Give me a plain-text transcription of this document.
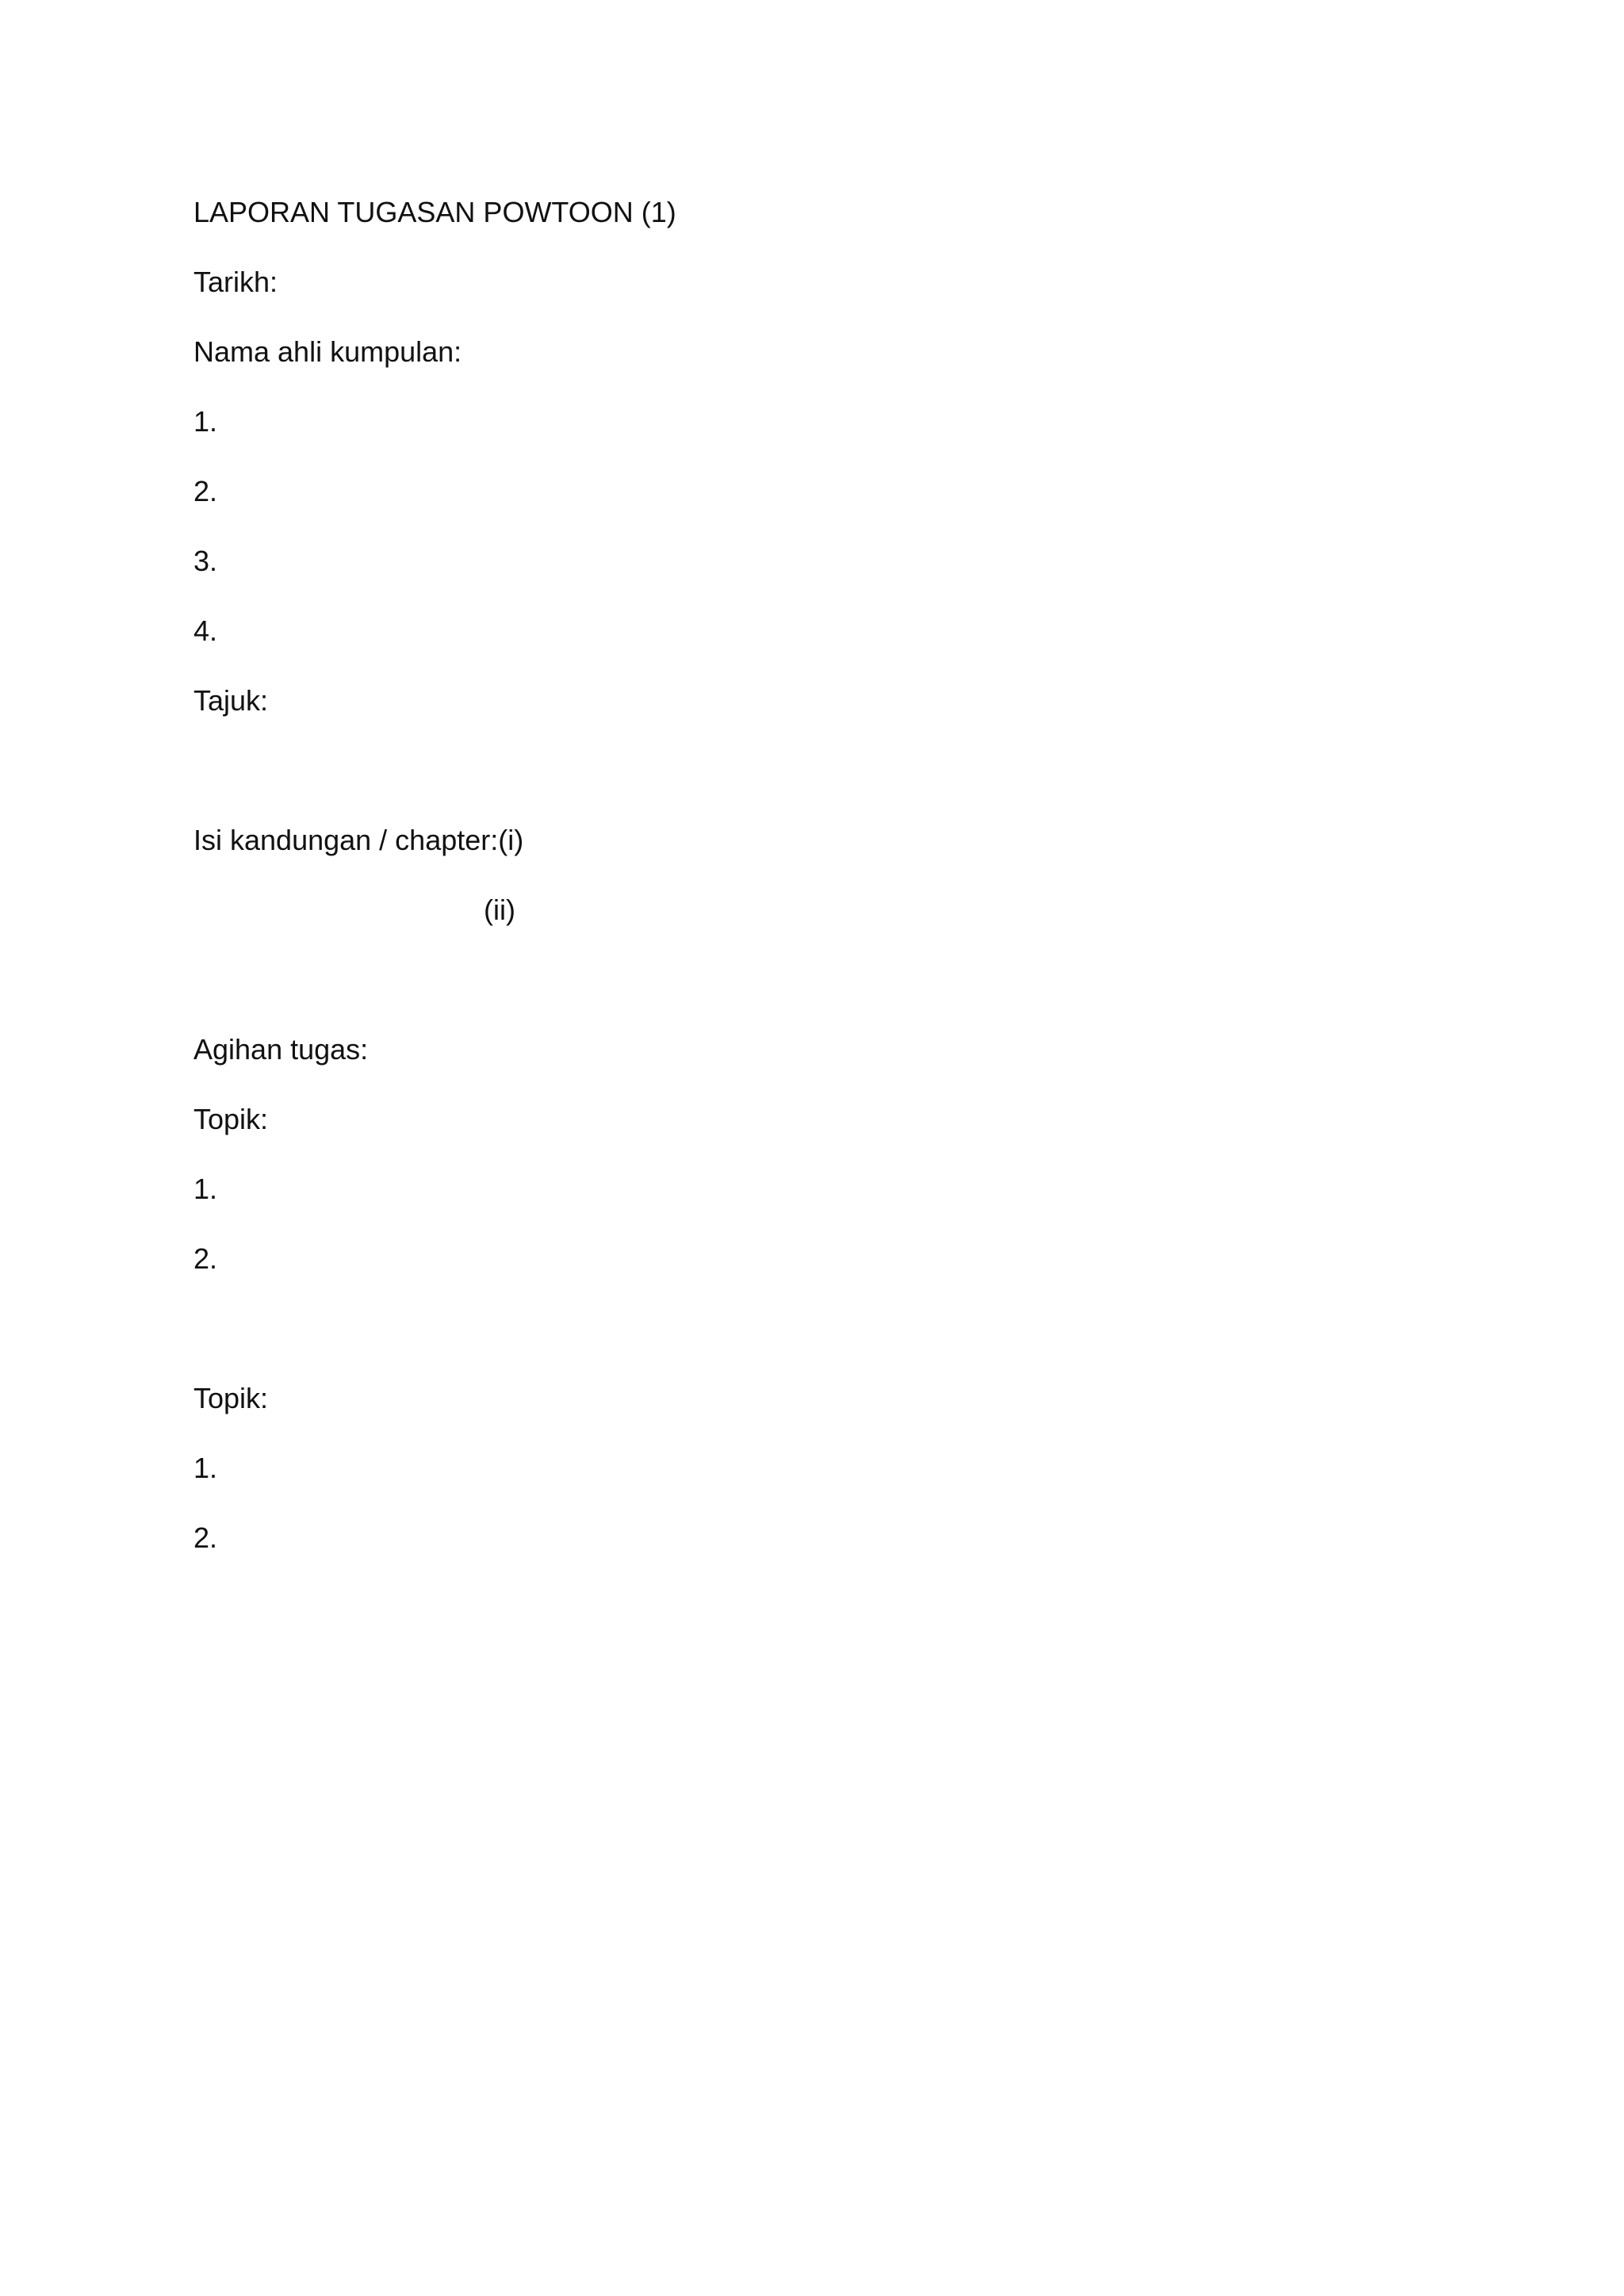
LAPORAN TUGASAN POWTOON (1)
Tarikh:
Nama ahli kumpulan:
1.
2.
3.
4.
Tajuk:
Isi kandungan / chapter:(i)
(ii)
Agihan tugas:
Topik:
1.
2.
Topik:
1.
2.
